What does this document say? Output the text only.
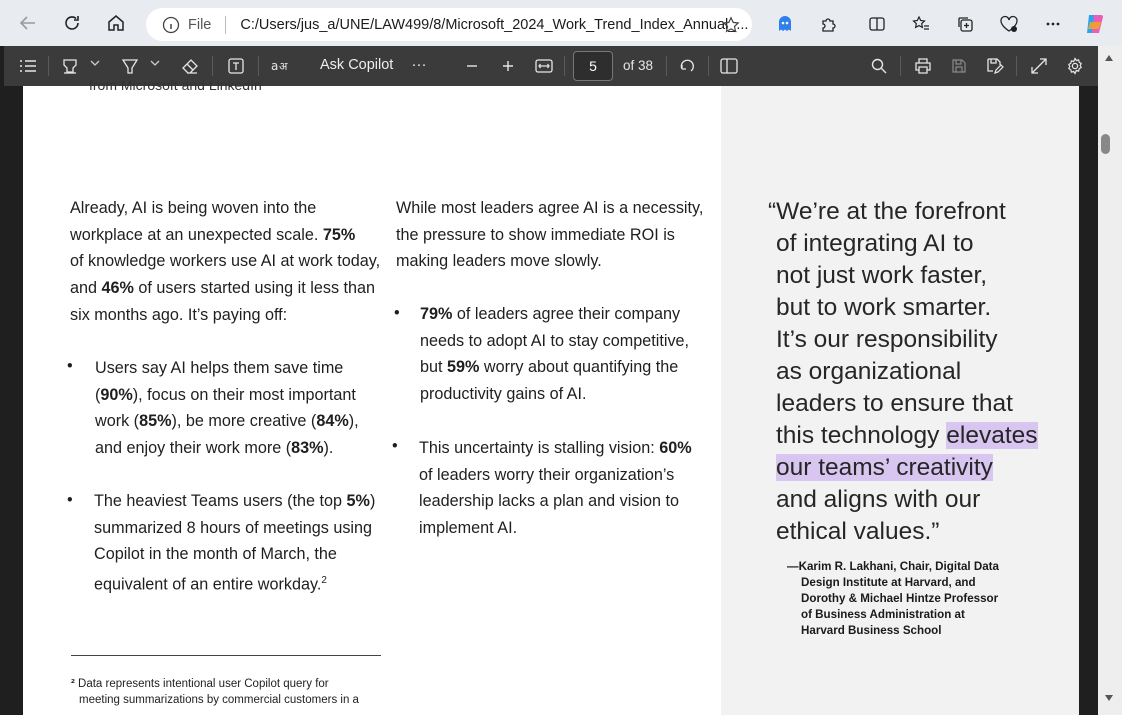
File C:/Users/jus_a/UNE/LAW499/8/Microsoft_2024_Work_Trend_Index_Annual_...
a अ Ask Copilot ···	5	of 38
from Microsoft and LinkedIn
Already, AI is being woven into the
workplace at an unexpected scale. 75%
of knowledge workers use AI at work today,
and 46% of users started using it less than
six months ago. It’s paying off:
• Users say AI helps them save time
(90%), focus on their most important
work (85%), be more creative (84%),
and enjoy their work more (83%).
• The heaviest Teams users (the top 5%)
summarized 8 hours of meetings using
Copilot in the month of March, the
equivalent of an entire workday.$^2$
While most leaders agree AI is a necessity,
the pressure to show immediate ROI is
making leaders move slowly.
• 79% of leaders agree their company
needs to adopt AI to stay competitive,
but 59% worry about quantifying the
productivity gains of AI.
• This uncertainty is stalling vision: 60%
of leaders worry their organization’s
leadership lacks a plan and vision to
implement AI.
“We’re at the forefront
of integrating AI to
not just work faster,
but to work smarter.
It’s our responsibility
as organizational
leaders to ensure that
this technology elevates
our teams’ creativity
and aligns with our
ethical values.”
—Karim R. Lakhani, Chair, Digital Data
Design Institute at Harvard, and
Dorothy & Michael Hintze Professor
of Business Administration at
Harvard Business School
² Data represents intentional user Copilot query for
meeting summarizations by commercial customers in a
